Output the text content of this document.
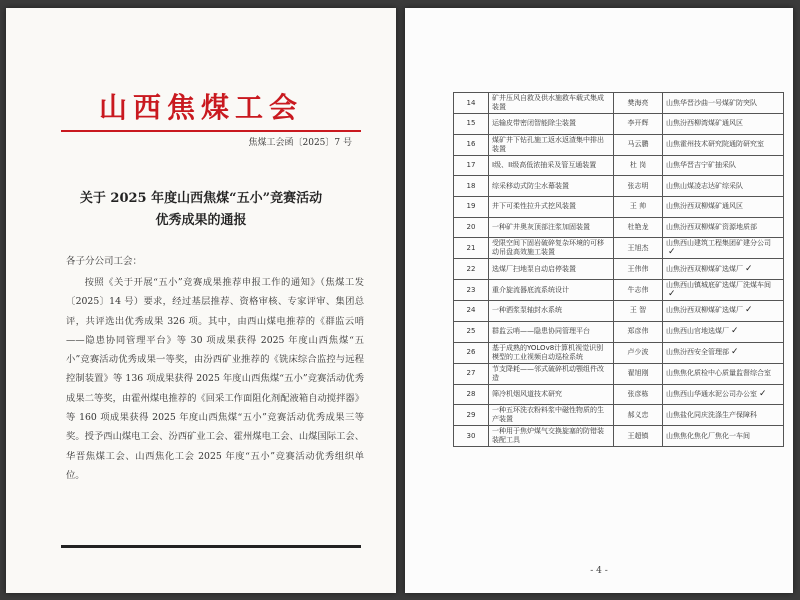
山西焦煤工会
焦煤工会函〔2025〕7 号
关于 2025 年度山西焦煤“五小”竞赛活动
优秀成果的通报
各子分公司工会：
按照《关于开展“五小”竞赛成果推荐申报工作的通知》（焦煤工发〔2025〕14 号）要求，经过基层推荐、资格审核、专家评审、集团总评，共评选出优秀成果 326 项。其中，由西山煤电推荐的《群监云哨——隐患协同管理平台》等 30 项成果获得 2025 年度山西焦煤“五小”竞赛活动优秀成果一等奖，由汾西矿业推荐的《铣床综合监控与远程控制装置》等 136 项成果获得 2025 年度山西焦煤“五小”竞赛活动优秀成果二等奖，由霍州煤电推荐的《回采工作面阻化剂配液箱自动搅拌器》等 160 项成果获得 2025 年度山西焦煤“五小”竞赛活动优秀成果三等奖。授予西山煤电工会、汾西矿业工会、霍州煤电工会、山煤国际工会、华晋焦煤工会、山西焦化工会 2025 年度“五小”竞赛活动优秀组织单位。
14	矿井压风自救及供水施救车载式集成装置	樊海亮	山焦华晋沙曲一号煤矿防突队
15	运输皮带密闭智能除尘装置	李开辉	山焦汾西柳湾煤矿通风区
16	煤矿井下钻孔施工返水返渣集中排出装置	马云鹏	山焦霍州技术研究院通防研究室
17	I级、II级高低浓抽采及管互通装置	杜 岗	山焦华晋吉宁矿抽采队
18	综采移动式防尘水幕装置	张志明	山焦山煤凌志达矿综采队
19	井下可柔性拉升式挖风装置	王 帅	山焦汾西双柳煤矿通风区
20	一种矿井奥灰顶部注浆加固装置	杜艳龙	山焦汾西双柳煤矿资源地质部
21	受限空间下固岩破碎复杂环境的可移动吊盘高效施工装置	王旭杰	山焦西山建筑工程集团矿建分公司✓
22	选煤厂扫地泵自动启停装置	王伟伟	山焦汾西双柳煤矿选煤厂 ✓
23	重介旋流器底流系统设计	牛志伟	山焦西山镇城底矿选煤厂洗煤车间✓
24	一种洒浆泵轴封水系统	王 智	山焦汾西双柳煤矿选煤厂 ✓
25	群监云哨——隐患协同管理平台	郑彦伟	山焦西山官地选煤厂 ✓
26	基于成熟的YOLOv8计算机视觉识别模型的工业视频自动巡检系统	卢少波	山焦汾西安全管理部 ✓
27	节支降耗——邻式破碎机动颚组件改造	翟旭刚	山焦焦化质检中心质量监督综合室
28	筛冷机烟风道技术研究	张彦栋	山焦西山华通水泥公司办公室 ✓
29	一种五环洗衣粉料浆中磁性物质的生产装置	郝义忠	山焦盐化同庆洗涤生产保障科
30	一种用于焦炉煤气交换旋塞的防错装装配工具	王超镇	山焦焦化焦化厂焦化一车间
- 4 -
